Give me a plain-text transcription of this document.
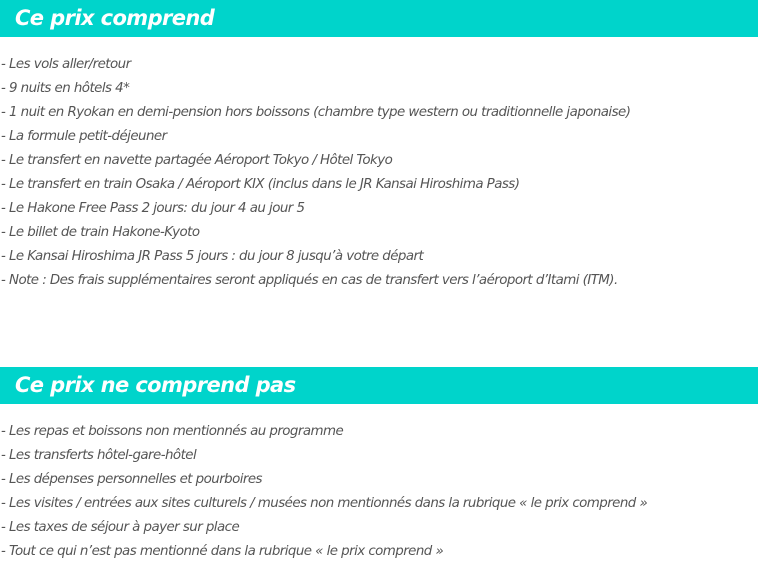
Ce prix comprend
- Les vols aller/retour
- 9 nuits en hôtels 4*
- 1 nuit en Ryokan en demi-pension hors boissons (chambre type western ou traditionnelle japonaise)
- La formule petit-déjeuner
- Le transfert en navette partagée Aéroport Tokyo / Hôtel Tokyo
- Le transfert en train Osaka / Aéroport KIX (inclus dans le JR Kansai Hiroshima Pass)
- Le Hakone Free Pass 2 jours: du jour 4 au jour 5
- Le billet de train Hakone-Kyoto
- Le Kansai Hiroshima JR Pass 5 jours : du jour 8 jusqu’à votre départ
- Note : Des frais supplémentaires seront appliqués en cas de transfert vers l’aéroport d’Itami (ITM).
Ce prix ne comprend pas
- Les repas et boissons non mentionnés au programme
- Les transferts hôtel-gare-hôtel
- Les dépenses personnelles et pourboires
- Les visites / entrées aux sites culturels / musées non mentionnés dans la rubrique « le prix comprend »
- Les taxes de séjour à payer sur place
- Tout ce qui n’est pas mentionné dans la rubrique « le prix comprend »
